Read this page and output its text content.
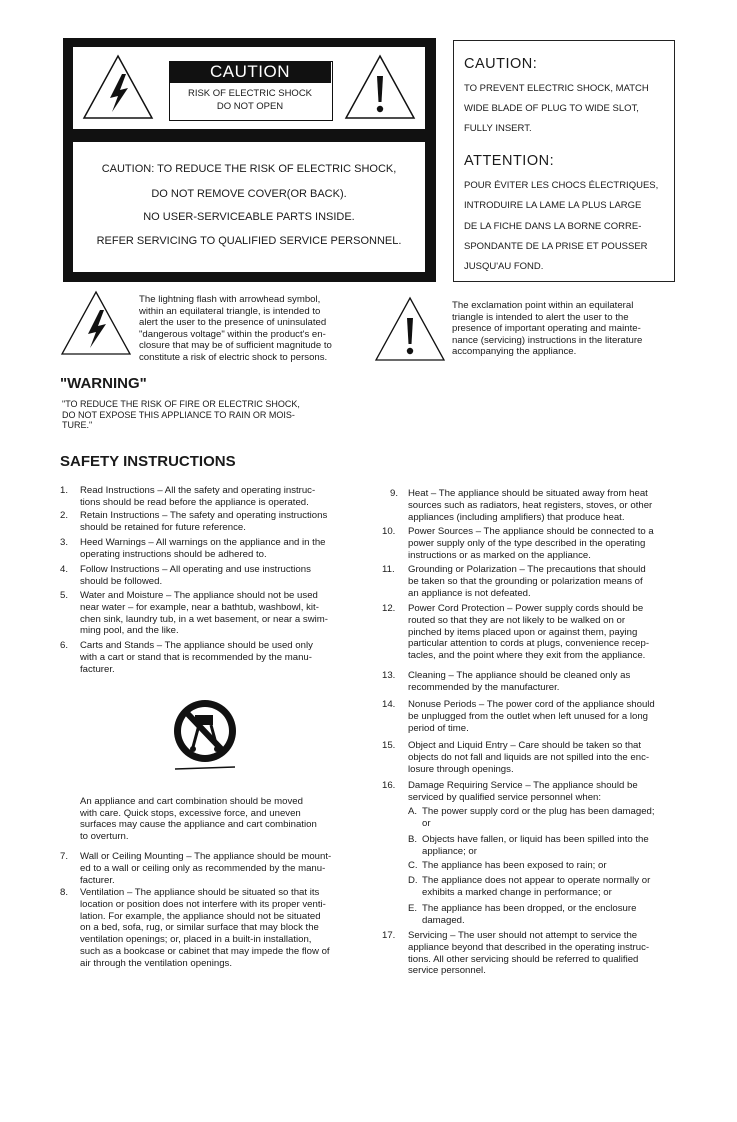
CAUTION
RISK OF ELECTRIC SHOCK
DO NOT OPEN
CAUTION: TO REDUCE THE RISK OF ELECTRIC SHOCK,
DO NOT REMOVE COVER(OR BACK).
NO USER-SERVICEABLE PARTS INSIDE.
REFER SERVICING TO QUALIFIED SERVICE PERSONNEL.
CAUTION:
TO PREVENT ELECTRIC SHOCK, MATCH
WIDE BLADE OF PLUG TO WIDE SLOT,
FULLY INSERT.
ATTENTION:
POUR ÉVITER LES CHOCS ÉLECTRIQUES,
INTRODUIRE LA LAME LA PLUS LARGE
DE LA FICHE DANS LA BORNE CORRE-
SPONDANTE DE LA PRISE ET POUSSER
JUSQU'AU FOND.
The lightning flash with arrowhead symbol,
within an equilateral triangle, is intended to
alert the user to the presence of uninsulated
"dangerous voltage" within the product's en-
closure that may be of sufficient magnitude to
constitute a risk of electric shock to persons.
The exclamation point within an equilateral
triangle is intended to alert the user to the
presence of important operating and mainte-
nance (servicing) instructions in the literature
accompanying the appliance.
"WARNING"
"TO REDUCE THE RISK OF FIRE OR ELECTRIC SHOCK,
DO NOT EXPOSE THIS APPLIANCE TO RAIN OR MOIS-
TURE."
SAFETY INSTRUCTIONS
1. Read Instructions – All the safety and operating instruc-
tions should be read before the appliance is operated.
2. Retain Instructions – The safety and operating instructions
should be retained for future reference.
3. Heed Warnings – All warnings on the appliance and in the
operating instructions should be adhered to.
4. Follow Instructions – All operating and use instructions
should be followed.
5. Water and Moisture – The appliance should not be used
near water – for example, near a bathtub, washbowl, kit-
chen sink, laundry tub, in a wet basement, or near a swim-
ming pool, and the like.
6. Carts and Stands – The appliance should be used only
with a cart or stand that is recommended by the manu-
facturer.
An appliance and cart combination should be moved
with care. Quick stops, excessive force, and uneven
surfaces may cause the appliance and cart combination
to overturn.
7. Wall or Ceiling Mounting – The appliance should be mount-
ed to a wall or ceiling only as recommended by the manu-
facturer.
8. Ventilation – The appliance should be situated so that its
location or position does not interfere with its proper venti-
lation. For example, the appliance should not be situated
on a bed, sofa, rug, or similar surface that may block the
ventilation openings; or, placed in a built-in installation,
such as a bookcase or cabinet that may impede the flow of
air through the ventilation openings.
9. Heat – The appliance should be situated away from heat
sources such as radiators, heat registers, stoves, or other
appliances (including amplifiers) that produce heat.
10. Power Sources – The appliance should be connected to a
power supply only of the type described in the operating
instructions or as marked on the appliance.
11. Grounding or Polarization – The precautions that should
be taken so that the grounding or polarization means of
an appliance is not defeated.
12. Power Cord Protection – Power supply cords should be
routed so that they are not likely to be walked on or
pinched by items placed upon or against them, paying
particular attention to cords at plugs, convenience recep-
tacles, and the point where they exit from the appliance.
13. Cleaning – The appliance should be cleaned only as
recommended by the manufacturer.
14. Nonuse Periods – The power cord of the appliance should
be unplugged from the outlet when left unused for a long
period of time.
15. Object and Liquid Entry – Care should be taken so that
objects do not fall and liquids are not spilled into the enc-
losure through openings.
16. Damage Requiring Service – The appliance should be
serviced by qualified service personnel when:
A. The power supply cord or the plug has been damaged;
or
B. Objects have fallen, or liquid has been spilled into the
appliance; or
C. The appliance has been exposed to rain; or
D. The appliance does not appear to operate normally or
exhibits a marked change in performance; or
E. The appliance has been dropped, or the enclosure
damaged.
17. Servicing – The user should not attempt to service the
appliance beyond that described in the operating instruc-
tions. All other servicing should be referred to qualified
service personnel.
